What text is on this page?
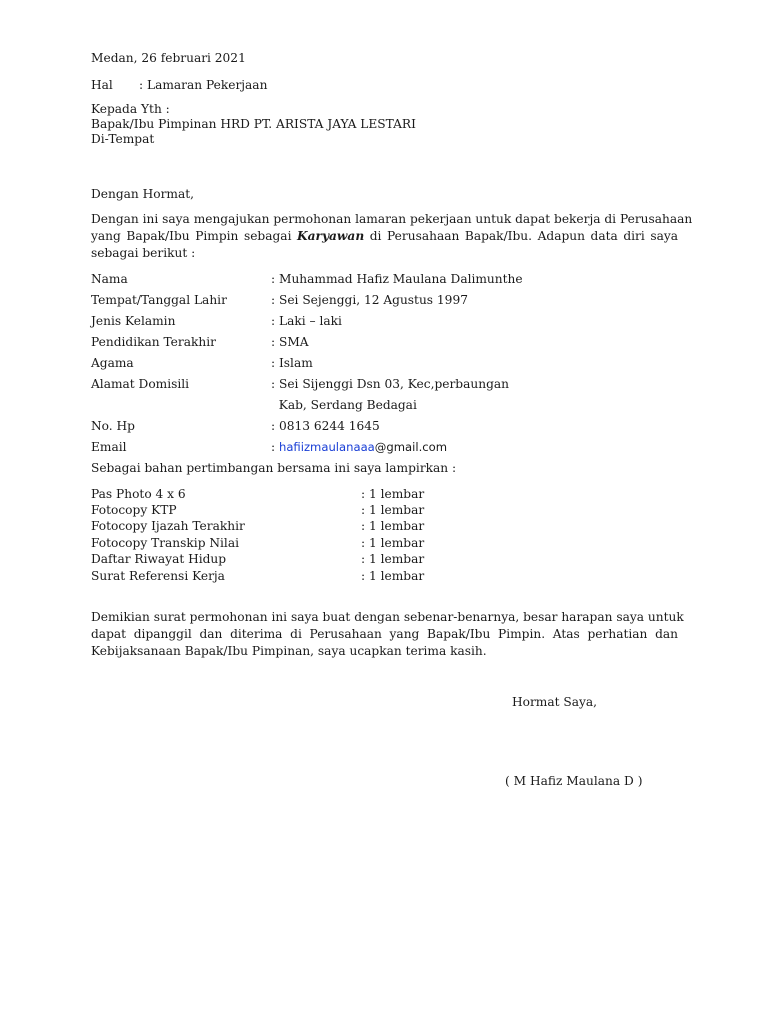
Medan, 26 februari 2021
Hal : Lamaran Pekerjaan
Kepada Yth :
Bapak/Ibu Pimpinan HRD PT. ARISTA JAYA LESTARI
Di-Tempat
Dengan Hormat,
Dengan ini saya mengajukan permohonan lamaran pekerjaan untuk dapat bekerja di Perusahaan
yang Bapak/Ibu Pimpin sebagai Karyawan di Perusahaan Bapak/Ibu. Adapun data diri saya
sebagai berikut :
Nama	: Muhammad Hafiz Maulana Dalimunthe
Tempat/Tanggal Lahir	: Sei Sejenggi, 12 Agustus 1997
Jenis Kelamin	: Laki – laki
Pendidikan Terakhir	: SMA
Agama	: Islam
Alamat Domisili	: Sei Sijenggi Dsn 03, Kec,perbaungan
Kab, Serdang Bedagai
No. Hp	: 0813 6244 1645
Email	: hafiizmaulanaaa@gmail.com
Sebagai bahan pertimbangan bersama ini saya lampirkan :
Pas Photo 4 x 6	: 1 lembar
Fotocopy KTP	: 1 lembar
Fotocopy Ijazah Terakhir	: 1 lembar
Fotocopy Transkip Nilai	: 1 lembar
Daftar Riwayat Hidup	: 1 lembar
Surat Referensi Kerja	: 1 lembar
Demikian surat permohonan ini saya buat dengan sebenar-benarnya, besar harapan saya untuk
dapat dipanggil dan diterima di Perusahaan yang Bapak/Ibu Pimpin. Atas perhatian dan
Kebijaksanaan Bapak/Ibu Pimpinan, saya ucapkan terima kasih.
Hormat Saya,
( M Hafiz Maulana D )
